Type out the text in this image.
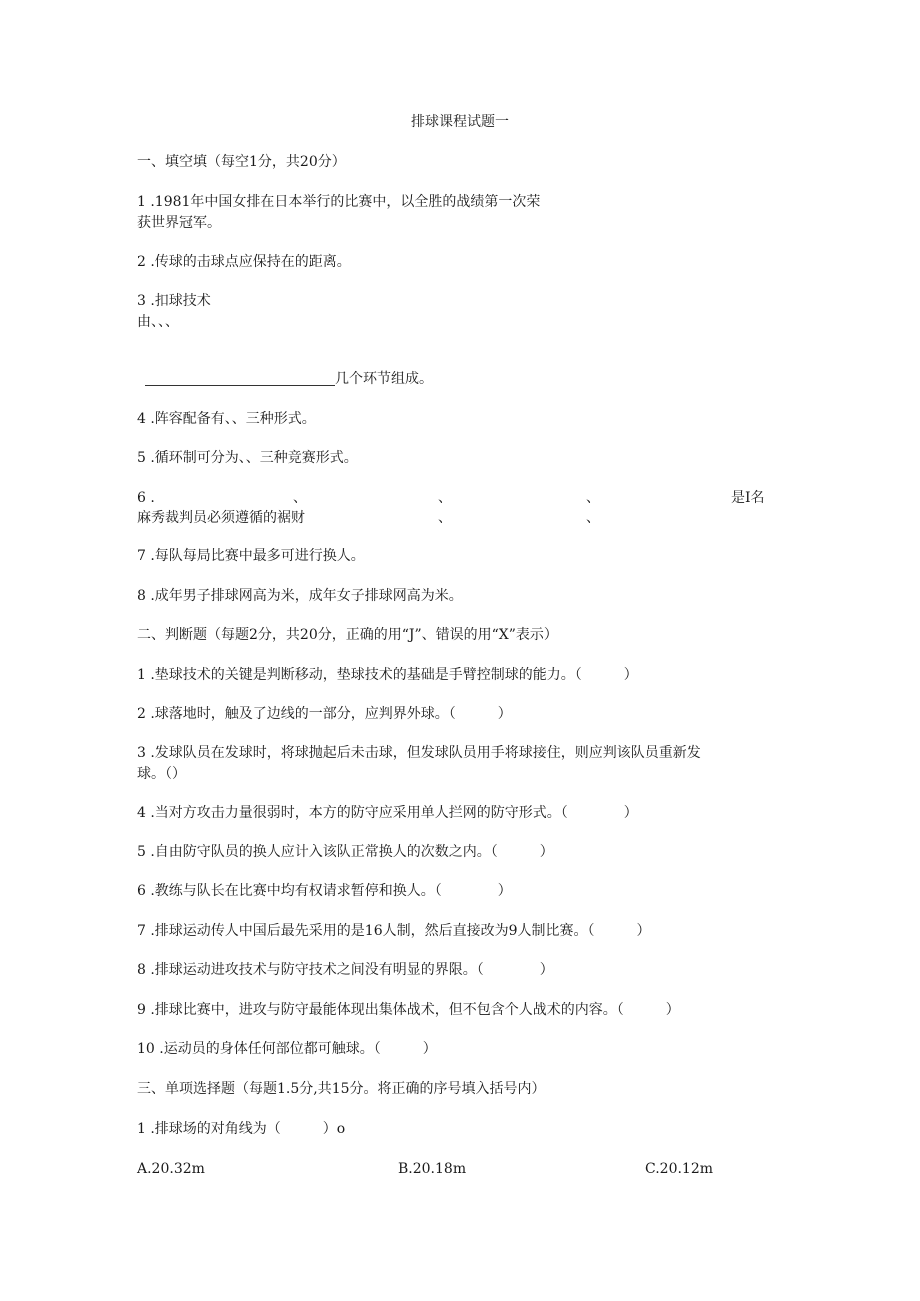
排球课程试题一
一、填空填（每空1分，共20分）
1 .1981年中国女排在日本举行的比赛中，以全胜的战绩第一次荣
获世界冠军。
2 .传球的击球点应保持在的距离。
3 .扣球技术
由、、、
几个环节组成。
4 .阵容配备有、、三种形式。
5 .循环制可分为、、三种竞赛形式。
6 .	、	、	、	是I名
麻秀裁判员必须遵循的裾财	、	、
7 .每队每局比赛中最多可进行换人。
8 .成年男子排球网高为米，成年女子排球网高为米。
二、判断题（每题2分，共20分，正确的用“J”、错误的用“X”表示）
1 .垫球技术的关键是判断移动，垫球技术的基础是手臂控制球的能力。（　　　）
2 .球落地时，触及了边线的一部分，应判界外球。（　　　）
3 .发球队员在发球时，将球抛起后未击球，但发球队员用手将球接住，则应判该队员重新发
球。（）
4 .当对方攻击力量很弱时，本方的防守应采用单人拦网的防守形式。（　　　　）
5 .自由防守队员的换人应计入该队正常换人的次数之内。（　　　）
6 .教练与队长在比赛中均有权请求暂停和换人。（　　　　）
7 .排球运动传人中国后最先采用的是16人制，然后直接改为9人制比赛。（　　　）
8 .排球运动进攻技术与防守技术之间没有明显的界限。（　　　　）
9 .排球比赛中，进攻与防守最能体现出集体战术，但不包含个人战术的内容。（　　　）
10 .运动员的身体任何部位都可触球。（　　　）
三、单项选择题（每题1.5分,共15分。将正确的序号填入括号内）
1 .排球场的对角线为（　　　）o
A.20.32m	B.20.18m	C.20.12m
